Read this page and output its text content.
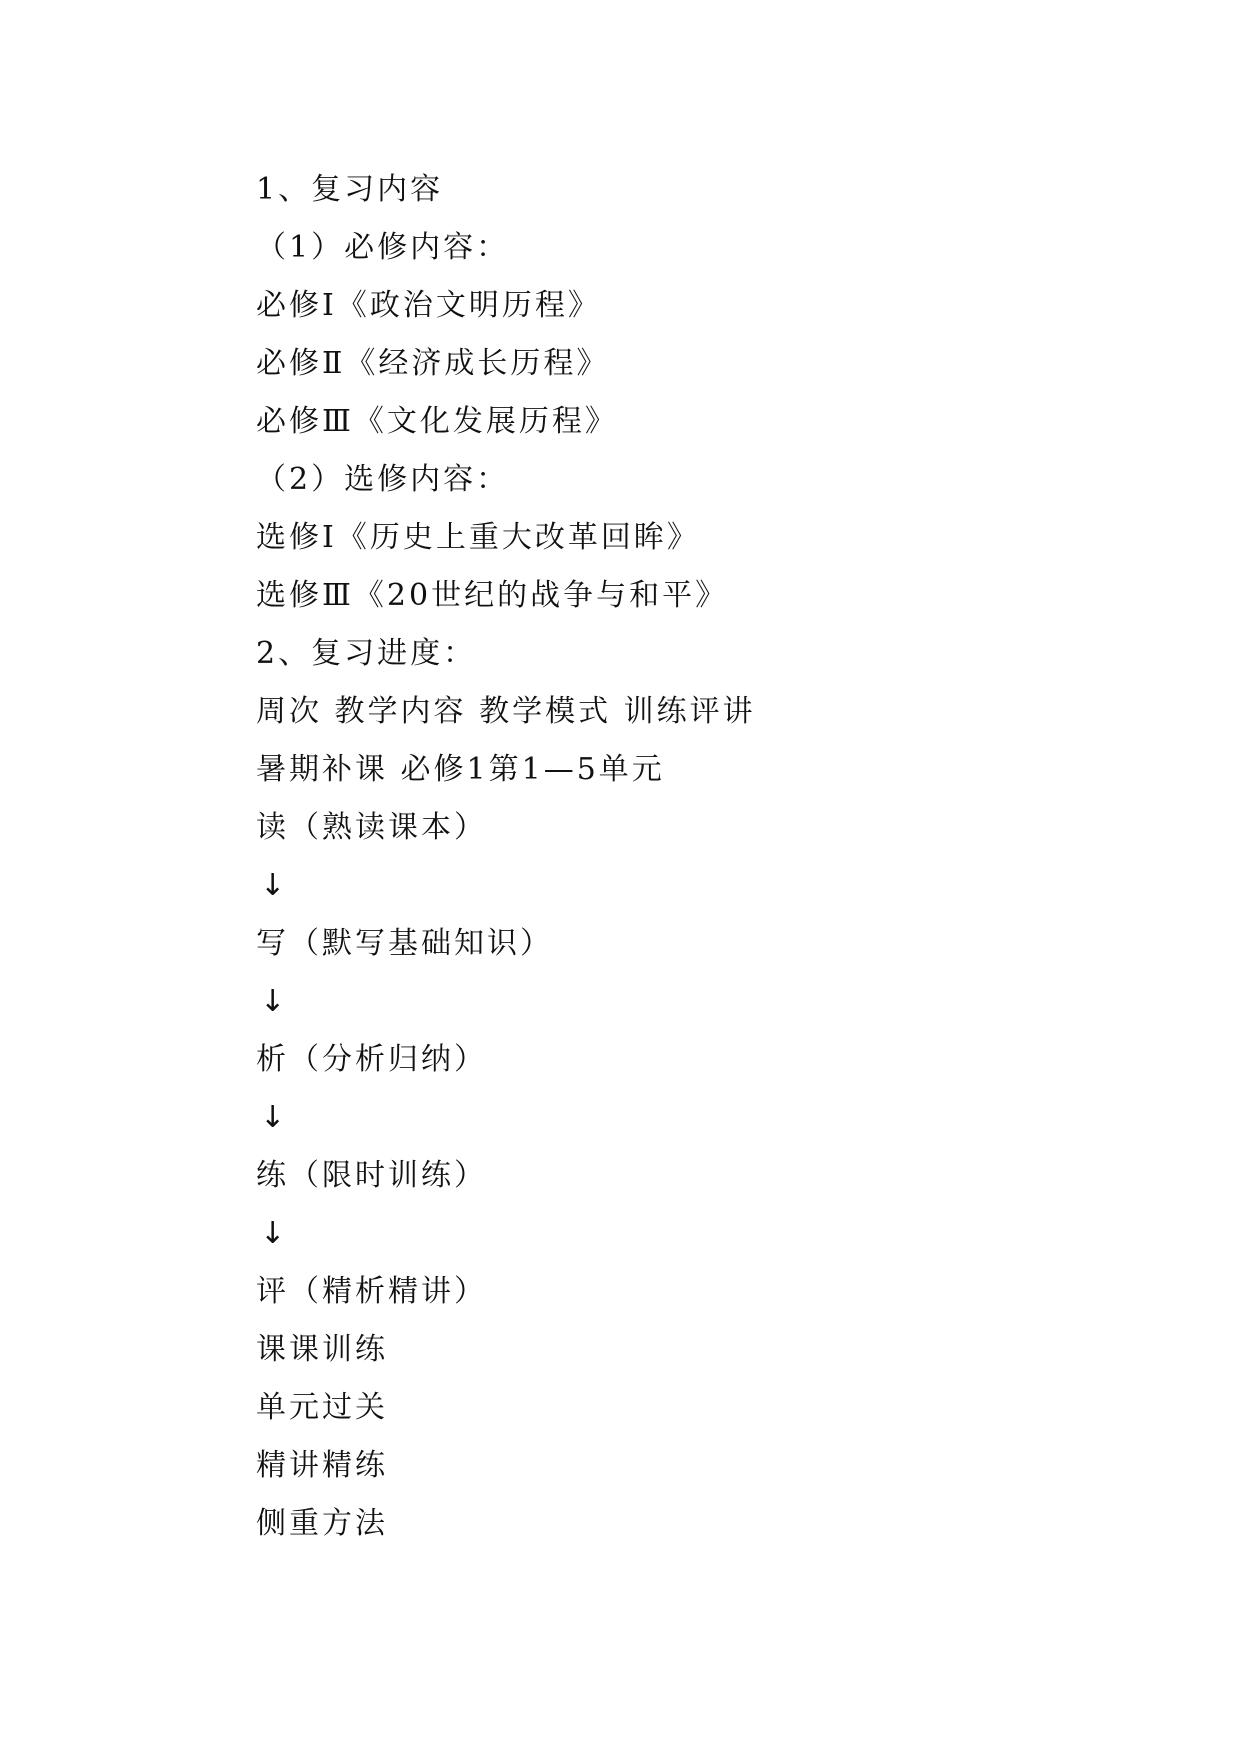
1、复习内容
（1）必修内容：
必修Ⅰ《政治文明历程》
必修Ⅱ《经济成长历程》
必修Ⅲ《文化发展历程》
（2）选修内容：
选修Ⅰ《历史上重大改革回眸》
选修Ⅲ《20世纪的战争与和平》
2、复习进度：
周次 教学内容 教学模式 训练评讲
暑期补课 必修1第1—5单元
读（熟读课本）
↓
写（默写基础知识）
↓
析（分析归纳）
↓
练（限时训练）
↓
评（精析精讲）
课课训练
单元过关
精讲精练
侧重方法
